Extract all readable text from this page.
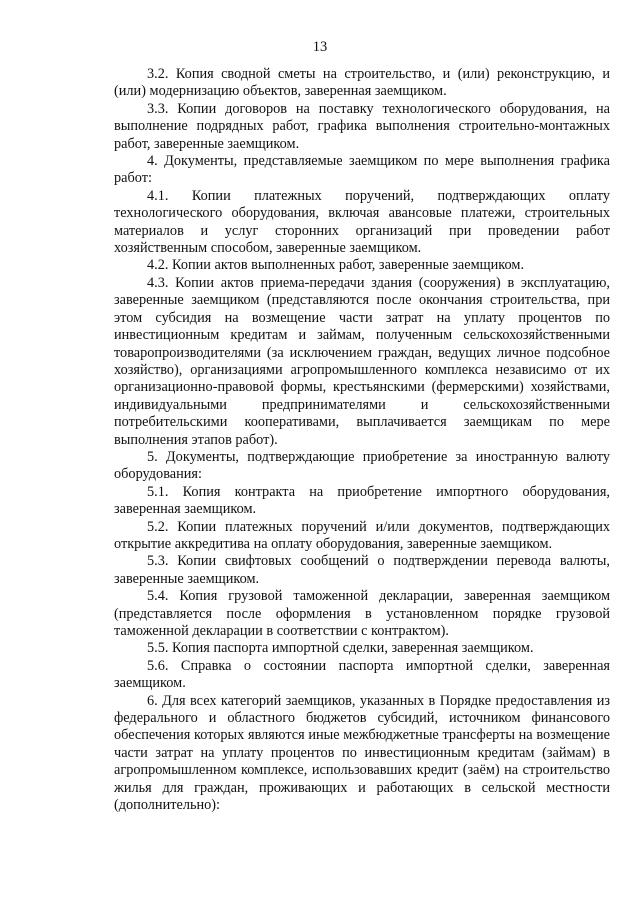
13

3.2. Копия сводной сметы на строительство, и (или) реконструкцию, и (или) модернизацию объектов, заверенная заемщиком.

3.3. Копии договоров на поставку технологического оборудования, на выполнение подрядных работ, графика выполнения строительно-монтажных работ, заверенные заемщиком.

4. Документы, представляемые заемщиком по мере выполнения графика работ:

4.1. Копии платежных поручений, подтверждающих оплату технологического оборудования, включая авансовые платежи, строительных материалов и услуг сторонних организаций при проведении работ хозяйственным способом, заверенные заемщиком.

4.2. Копии актов выполненных работ, заверенные заемщиком.

4.3. Копии актов приема-передачи здания (сооружения) в эксплуатацию, заверенные заемщиком (представляются после окончания строительства, при этом субсидия на возмещение части затрат на уплату процентов по инвестиционным кредитам и займам, полученным сельскохозяйственными товаропроизводителями (за исключением граждан, ведущих личное подсобное хозяйство), организациями агропромышленного комплекса независимо от их организационно-правовой формы, крестьянскими (фермерскими) хозяйствами, индивидуальными предпринимателями и сельскохозяйственными потребительскими кооперативами, выплачивается заемщикам по мере выполнения этапов работ).

5. Документы, подтверждающие приобретение за иностранную валюту оборудования:

5.1. Копия контракта на приобретение импортного оборудования, заверенная заемщиком.

5.2. Копии платежных поручений и/или документов, подтверждающих открытие аккредитива на оплату оборудования, заверенные заемщиком.

5.3. Копии свифтовых сообщений о подтверждении перевода валюты, заверенные заемщиком.

5.4. Копия грузовой таможенной декларации, заверенная заемщиком (представляется после оформления в установленном порядке грузовой таможенной декларации в соответствии с контрактом).

5.5. Копия паспорта импортной сделки, заверенная заемщиком.

5.6. Справка о состоянии паспорта импортной сделки, заверенная заемщиком.

6. Для всех категорий заемщиков, указанных в Порядке предоставления из федерального и областного бюджетов субсидий, источником финансового обеспечения которых являются иные межбюджетные трансферты на возмещение части затрат на уплату процентов по инвестиционным кредитам (займам) в агропромышленном комплексе, использовавших кредит (заём) на строительство жилья для граждан, проживающих и работающих в сельской местности (дополнительно):
